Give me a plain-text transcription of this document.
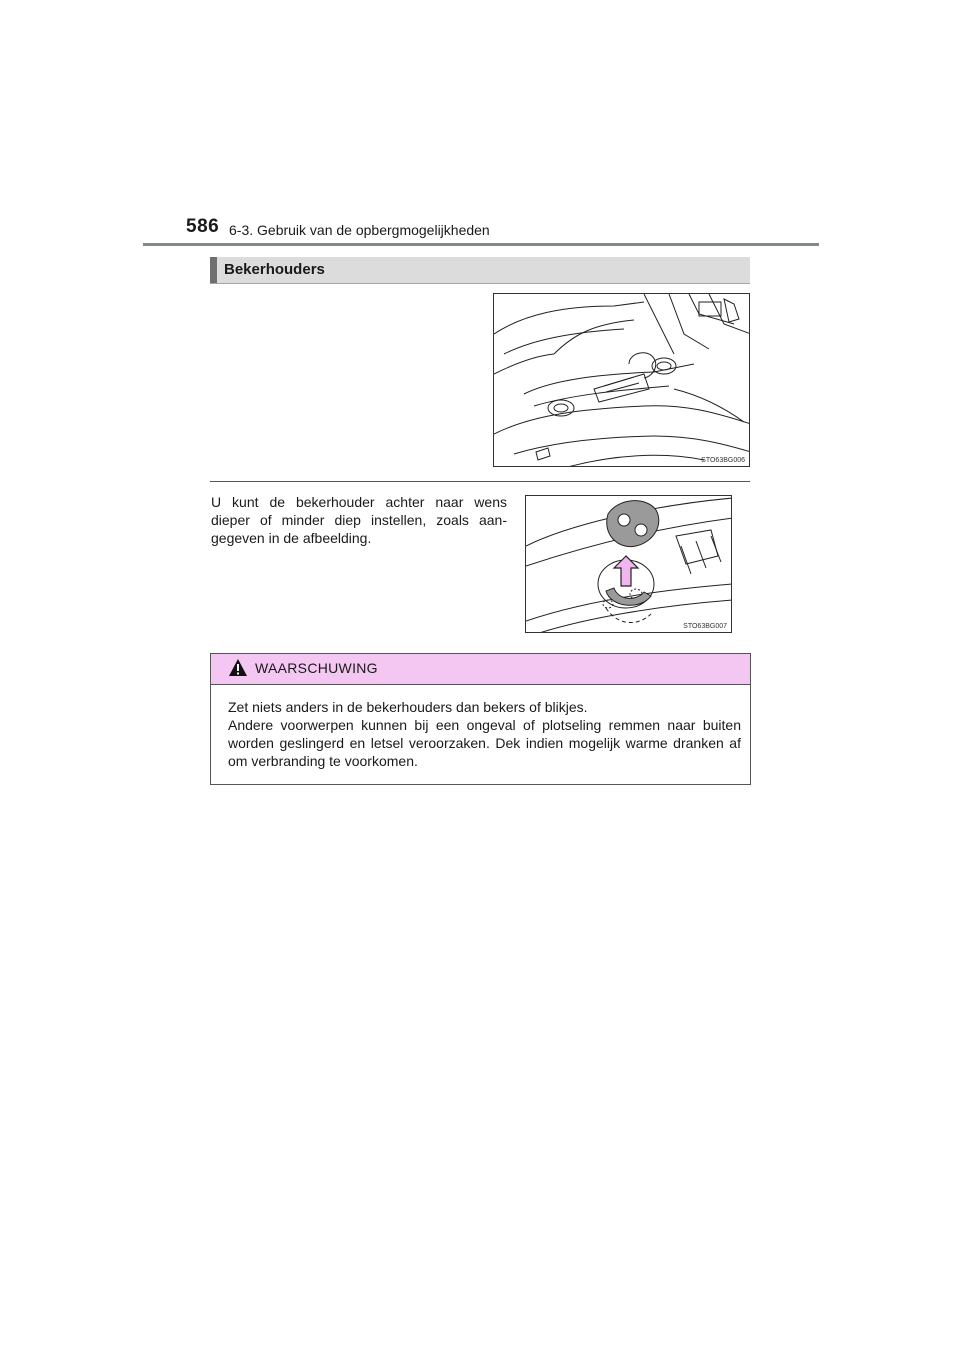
586 6-3. Gebruik van de opbergmogelijkheden
Bekerhouders
STO63BG006

U kunt de bekerhouder achter naar wens dieper of minder diep instellen, zoals aangegeven in de afbeelding.

STO63BG007
WAARSCHUWING

Zet niets anders in de bekerhouders dan bekers of blikjes.

Andere voorwerpen kunnen bij een ongeval of plotseling remmen naar buiten worden geslingerd en letsel veroorzaken. Dek indien mogelijk warme dranken af om verbranding te voorkomen.
